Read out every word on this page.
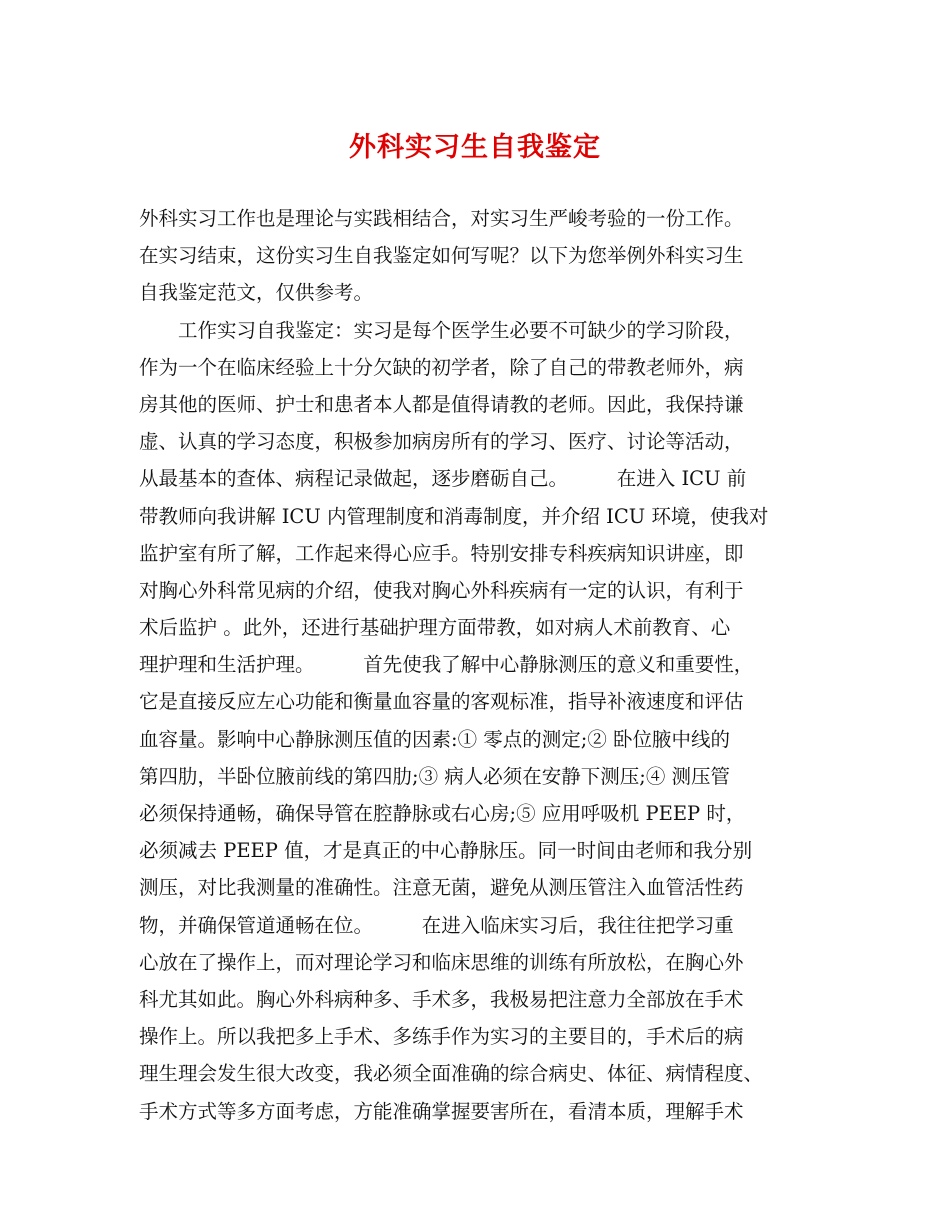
外科实习生自我鉴定
外科实习工作也是理论与实践相结合，对实习生严峻考验的一份工作。
在实习结束，这份实习生自我鉴定如何写呢？以下为您举例外科实习生
自我鉴定范文，仅供参考。
　　工作实习自我鉴定：实习是每个医学生必要不可缺少的学习阶段，
作为一个在临床经验上十分欠缺的初学者，除了自己的带教老师外，病
房其他的医师、护士和患者本人都是值得请教的老师。因此，我保持谦
虚、认真的学习态度，积极参加病房所有的学习、医疗、讨论等活动，
从最基本的查体、病程记录做起，逐步磨砺自己。　　　在进入 ICU 前
带教师向我讲解 ICU 内管理制度和消毒制度，并介绍 ICU 环境，使我对
监护室有所了解，工作起来得心应手。特别安排专科疾病知识讲座，即
对胸心外科常见病的介绍，使我对胸心外科疾病有一定的认识，有利于
术后监护 。此外，还进行基础护理方面带教，如对病人术前教育、心
理护理和生活护理。　　　首先使我了解中心静脉测压的意义和重要性，
它是直接反应左心功能和衡量血容量的客观标准，指导补液速度和评估
血容量。影响中心静脉测压值的因素:① 零点的测定;② 卧位腋中线的
第四肋，半卧位腋前线的第四肋;③ 病人必须在安静下测压;④ 测压管
必须保持通畅，确保导管在腔静脉或右心房;⑤ 应用呼吸机 PEEP 时，
必须减去 PEEP 值，才是真正的中心静脉压。同一时间由老师和我分别
测压，对比我测量的准确性。注意无菌，避免从测压管注入血管活性药
物，并确保管道通畅在位。　　　在进入临床实习后，我往往把学习重
心放在了操作上，而对理论学习和临床思维的训练有所放松，在胸心外
科尤其如此。胸心外科病种多、手术多，我极易把注意力全部放在手术
操作上。所以我把多上手术、多练手作为实习的主要目的，手术后的病
理生理会发生很大改变，我必须全面准确的综合病史、体征、病情程度、
手术方式等多方面考虑，方能准确掌握要害所在，看清本质，理解手术
